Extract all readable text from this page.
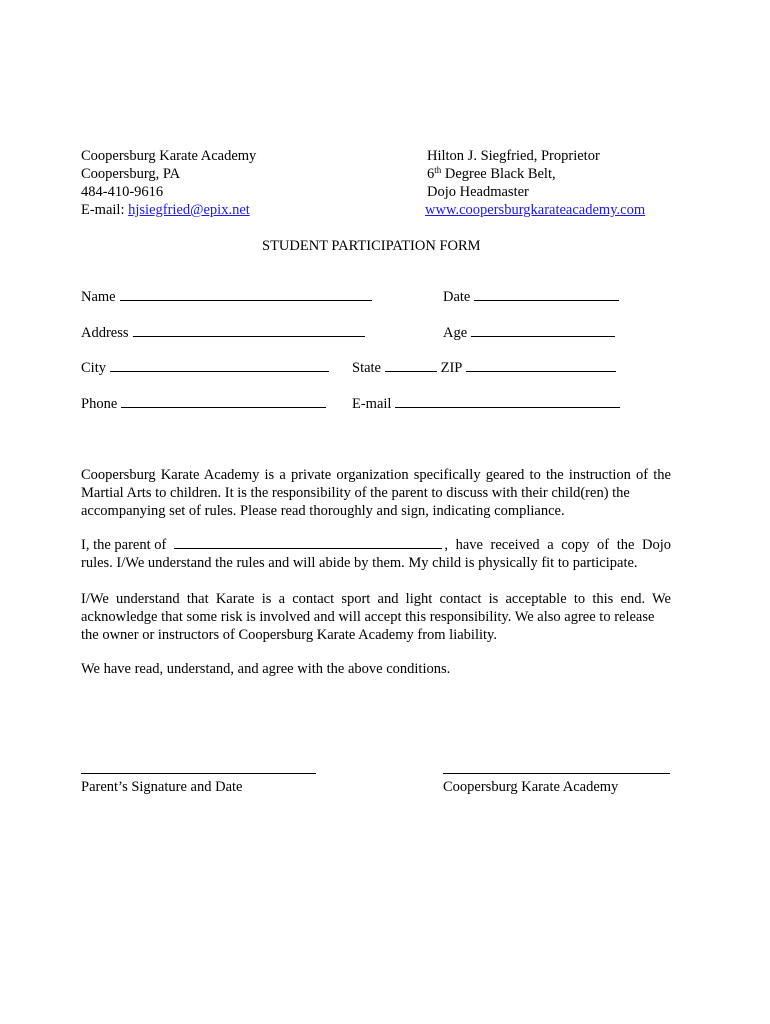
Coopersburg Karate Academy
Coopersburg, PA
484-410-9616
E-mail: hjsiegfried@epix.net
Hilton J. Siegfried, Proprietor
6th Degree Black Belt,
Dojo Headmaster
www.coopersburgkarateacademy.com
STUDENT PARTICIPATION FORM
Name	Date
Address	Age
City	State	ZIP
Phone	E-mail
Coopersburg Karate Academy is a private organization specifically geared to the instruction of the Martial Arts to children. It is the responsibility of the parent to discuss with their child(ren) the
accompanying set of rules. Please read thoroughly and sign, indicating compliance.
I, the parent of	, have received a copy of the Dojo
rules. I/We understand the rules and will abide by them. My child is physically fit to participate.
I/We understand that Karate is a contact sport and light contact is acceptable to this end. We acknowledge that some risk is involved and will accept this responsibility. We also agree to release
the owner or instructors of Coopersburg Karate Academy from liability.
We have read, understand, and agree with the above conditions.
Parent’s Signature and Date	Coopersburg Karate Academy
